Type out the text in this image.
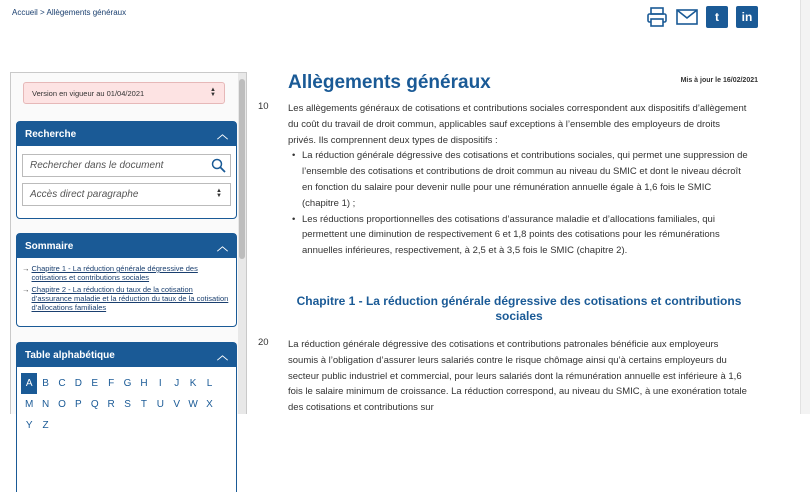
Accueil > Allègements généraux	t in
Version en vigueur au 01/04/2021	▲
▼
Recherche	︿
Rechercher dans le document
Accès direct paragraphe	▲
▼
Sommaire	︿
→ Chapitre 1 - La réduction générale dégressive des cotisations et contributions sociales
→ Chapitre 2 - La réduction du taux de la cotisation d’assurance maladie et la réduction du taux de la cotisation d’allocations familiales
Table alphabétique	︿
A B C D E	F G H	I	J	K	L
M N O P Q R S	T U V W X
Y	Z
Allègements généraux	Mis à jour le 16/02/2021
10 Les allègements généraux de cotisations et contributions sociales correspondent aux dispositifs d’allègement du coût du travail de droit commun, applicables sauf exceptions à l’ensemble des employeurs de droits privés. Ils comprennent deux types de dispositifs :

• La réduction générale dégressive des cotisations et contributions sociales, qui permet une suppression de l’ensemble des cotisations et contributions de droit commun au niveau du SMIC et dont le niveau décroît en fonction du salaire pour devenir nulle pour une rémunération annuelle égale à 1,6 fois le SMIC (chapitre 1) ;
• Les réductions proportionnelles des cotisations d’assurance maladie et d’allocations familiales, qui permettent une diminution de respectivement 6 et 1,8 points des cotisations pour les rémunérations annuelles inférieures, respectivement, à 2,5 et à 3,5 fois le SMIC (chapitre 2).
Chapitre 1 - La réduction générale dégressive des cotisations et contributions sociales
20 La réduction générale dégressive des cotisations et contributions patronales bénéficie aux employeurs soumis à l’obligation d’assurer leurs salariés contre le risque chômage ainsi qu’à certains employeurs du secteur public industriel et commercial, pour leurs salariés dont la rémunération annuelle est inférieure à 1,6 fois le salaire minimum de croissance. La réduction correspond, au niveau du SMIC, à une exonération totale des cotisations et contributions sur
